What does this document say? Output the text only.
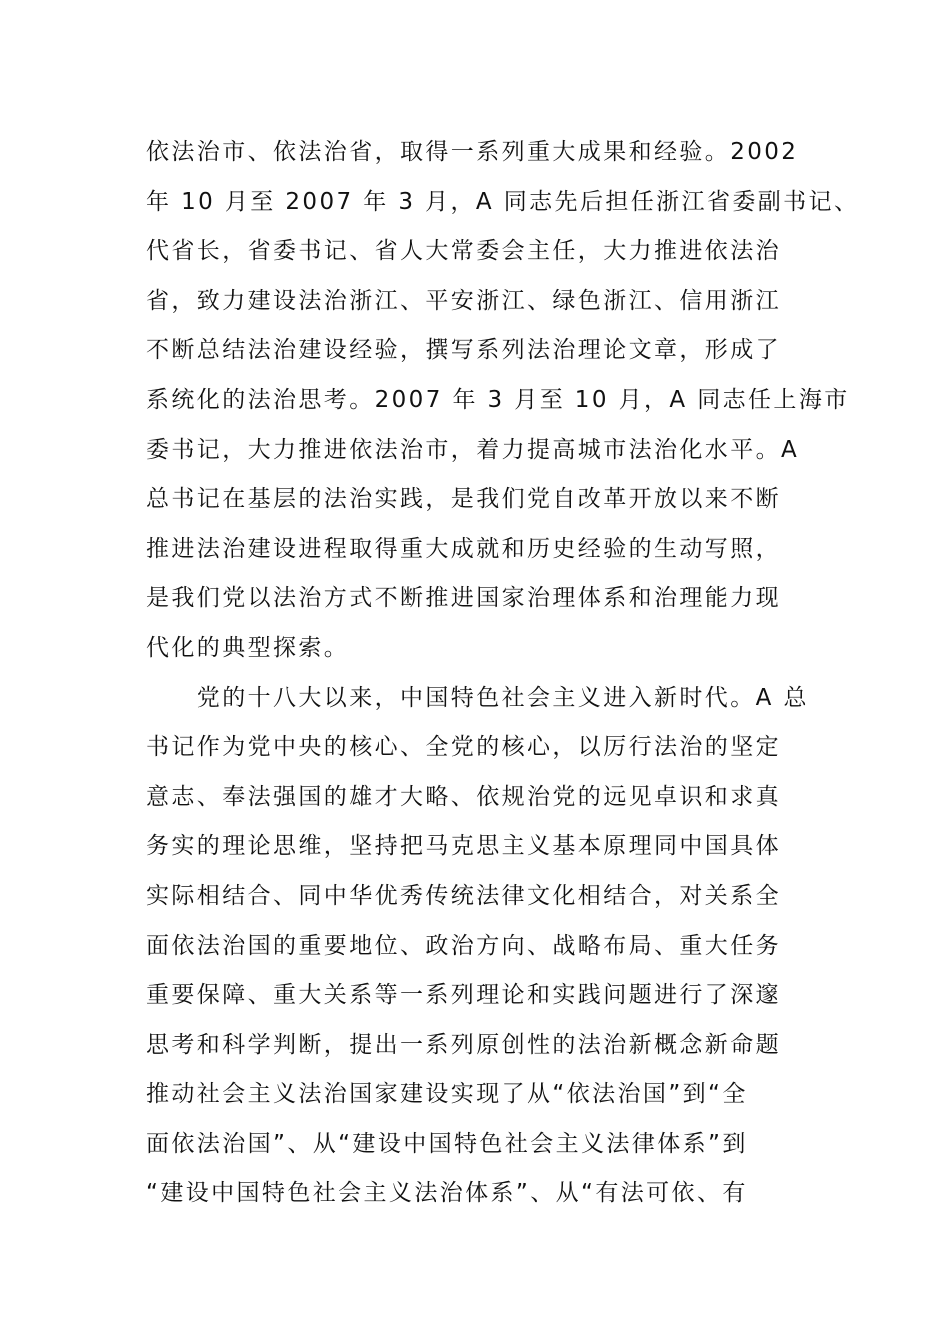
依法治市、依法治省，取得一系列重大成果和经验。2002
年 10 月至 2007 年 3 月，A 同志先后担任浙江省委副书记、
代省长，省委书记、省人大常委会主任，大力推进依法治
省，致力建设法治浙江、平安浙江、绿色浙江、信用浙江
不断总结法治建设经验，撰写系列法治理论文章，形成了
系统化的法治思考。2007 年 3 月至 10 月，A 同志任上海市
委书记，大力推进依法治市，着力提高城市法治化水平。A
总书记在基层的法治实践，是我们党自改革开放以来不断
推进法治建设进程取得重大成就和历史经验的生动写照，
是我们党以法治方式不断推进国家治理体系和治理能力现
代化的典型探索。
　　党的十八大以来，中国特色社会主义进入新时代。A 总
书记作为党中央的核心、全党的核心，以厉行法治的坚定
意志、奉法强国的雄才大略、依规治党的远见卓识和求真
务实的理论思维，坚持把马克思主义基本原理同中国具体
实际相结合、同中华优秀传统法律文化相结合，对关系全
面依法治国的重要地位、政治方向、战略布局、重大任务
重要保障、重大关系等一系列理论和实践问题进行了深邃
思考和科学判断，提出一系列原创性的法治新概念新命题
推动社会主义法治国家建设实现了从“依法治国”到“全
面依法治国”、从“建设中国特色社会主义法律体系”到
“建设中国特色社会主义法治体系”、从“有法可依、有
